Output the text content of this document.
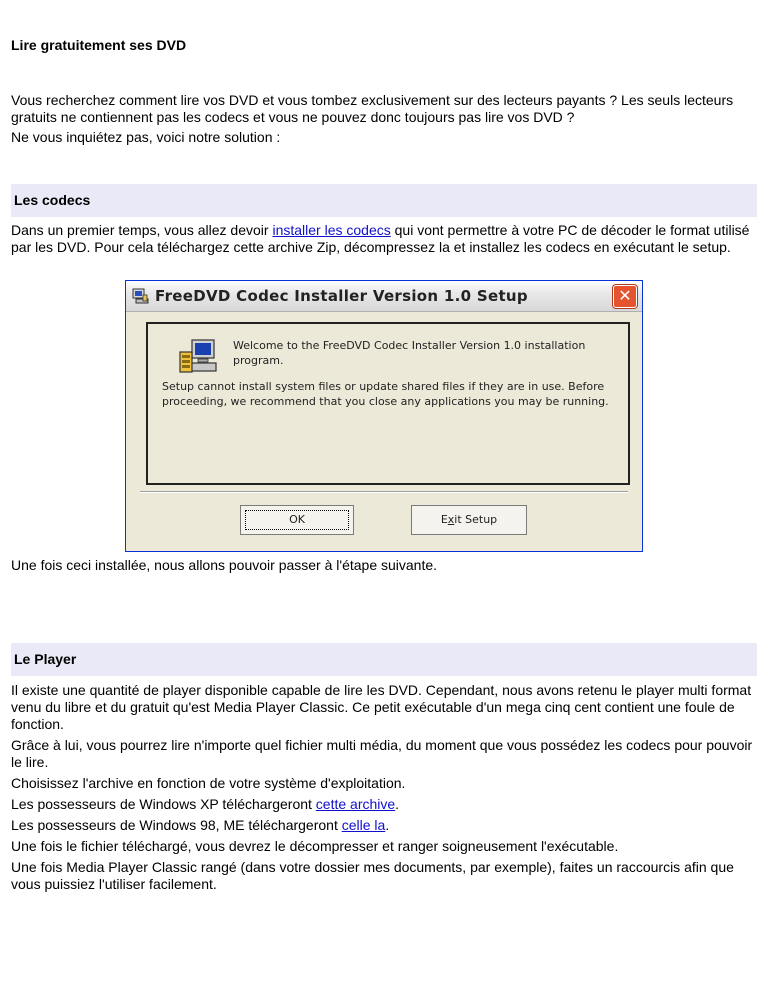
Lire gratuitement ses DVD

Vous recherchez comment lire vos DVD et vous tombez exclusivement sur des lecteurs payants ? Les seuls lecteurs gratuits ne contiennent pas les codecs et vous ne pouvez donc toujours pas lire vos DVD ?

Ne vous inquiétez pas, voici notre solution :

Les codecs

Dans un premier temps, vous allez devoir installer les codecs qui vont permettre à votre PC de décoder le format utilisé par les DVD. Pour cela téléchargez cette archive Zip, décompressez la et installez les codecs en exécutant le setup.

Une fois ceci installée, nous allons pouvoir passer à l'étape suivante.

Le Player

Il existe une quantité de player disponible capable de lire les DVD. Cependant, nous avons retenu le player multi format venu du libre et du gratuit qu'est Media Player Classic. Ce petit exécutable d'un mega cinq cent contient une foule de fonction.

Grâce à lui, vous pourrez lire n'importe quel fichier multi média, du moment que vous possédez les codecs pour pouvoir le lire.

Choisissez l'archive en fonction de votre système d'exploitation.

Les possesseurs de Windows XP téléchargeront cette archive.

Les possesseurs de Windows 98, ME téléchargeront celle la.

Une fois le fichier téléchargé, vous devrez le décompresser et ranger soigneusement l'exécutable.

Une fois Media Player Classic rangé (dans votre dossier mes documents, par exemple), faites un raccourcis afin que vous puissiez l'utiliser facilement.

FreeDVD Codec Installer Version 1.0 Setup	✕
Welcome to the FreeDVD Codec Installer Version 1.0 installation program.
Setup cannot install system files or update shared files if they are in use. Before proceeding, we recommend that you close any applications you may be running.
OK	Exit Setup
